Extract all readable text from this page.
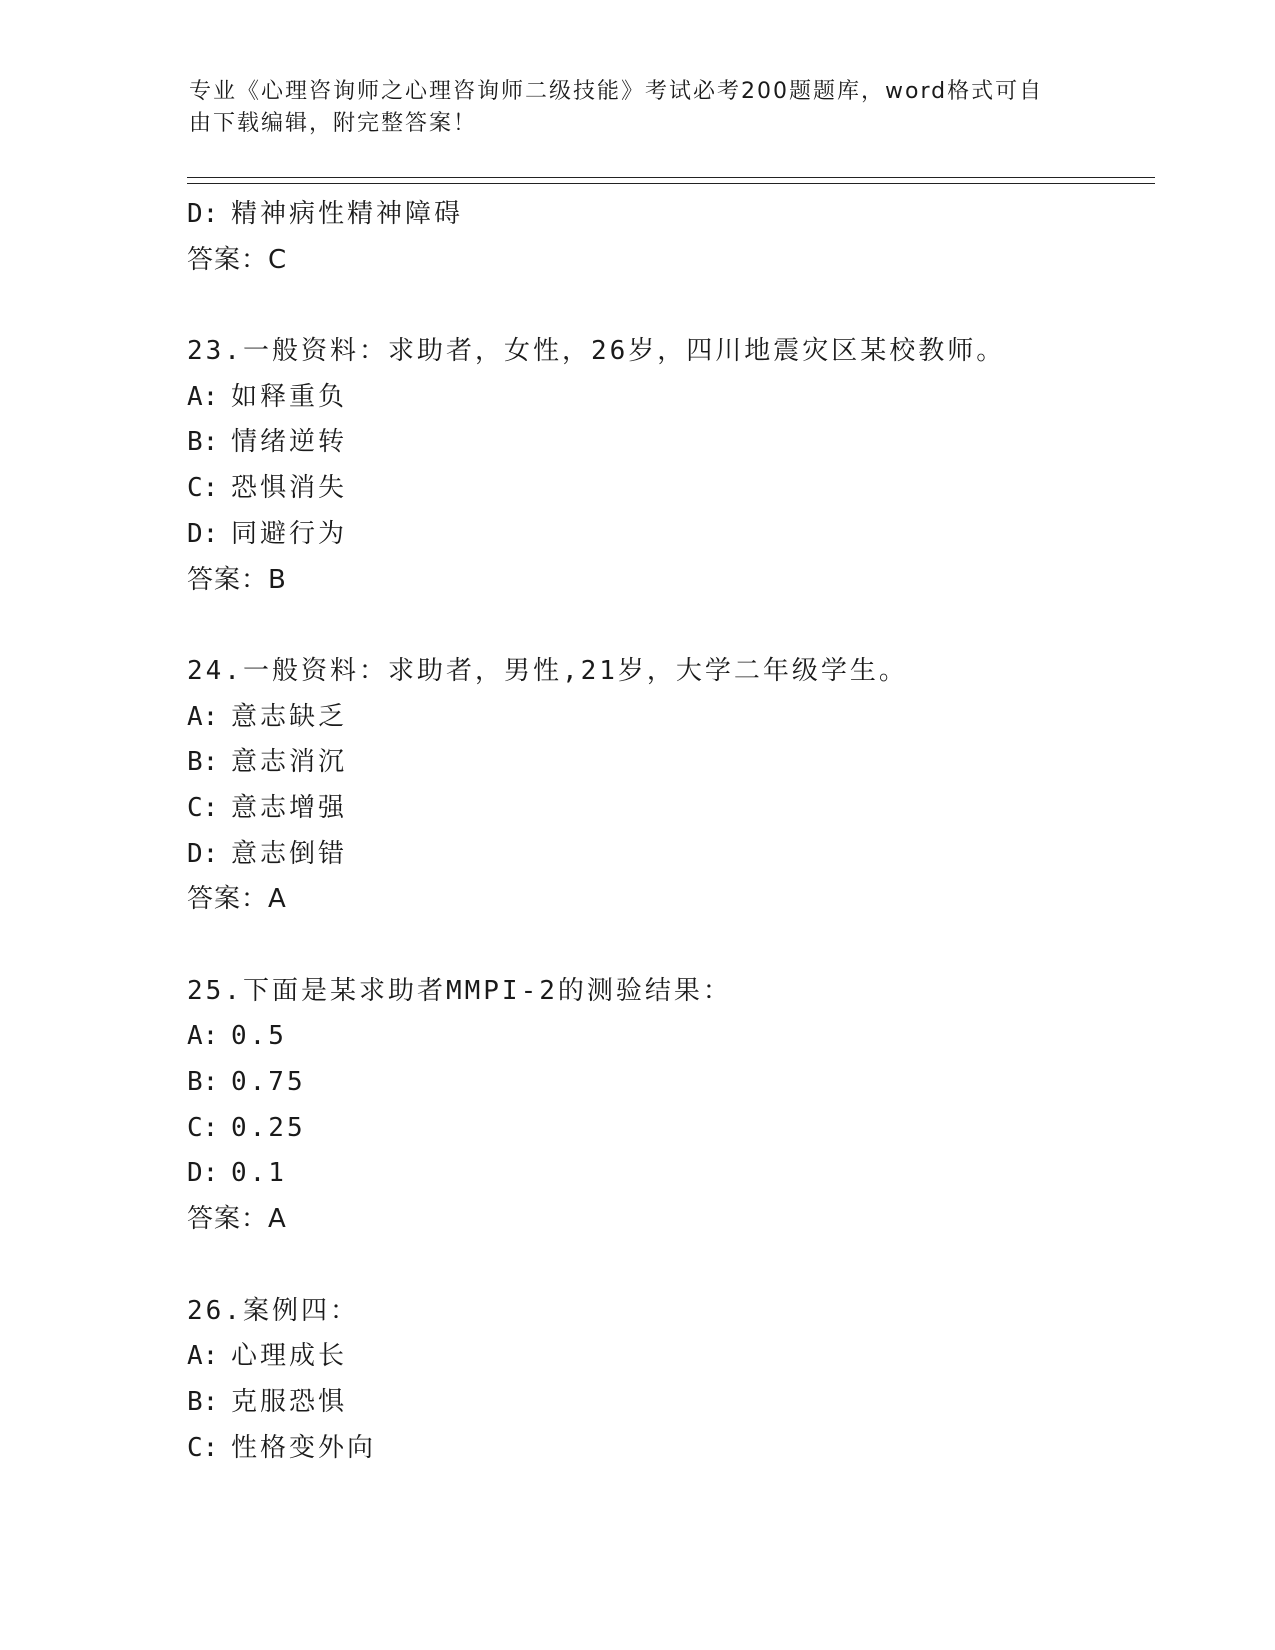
专业《心理咨询师之心理咨询师二级技能》考试必考200题题库，word格式可自
由下载编辑，附完整答案！
D: 精神病性精神障碍
答案：C
23.一般资料：求助者，女性，26岁，四川地震灾区某校教师。
A: 如释重负
B: 情绪逆转
C: 恐惧消失
D: 同避行为
答案：B
24.一般资料：求助者，男性,21岁，大学二年级学生。
A: 意志缺乏
B: 意志消沉
C: 意志增强
D: 意志倒错
答案：A
25.下面是某求助者MMPI-2的测验结果：
A: 0.5
B: 0.75
C: 0.25
D: 0.1
答案：A
26.案例四：
A: 心理成长
B: 克服恐惧
C: 性格变外向
